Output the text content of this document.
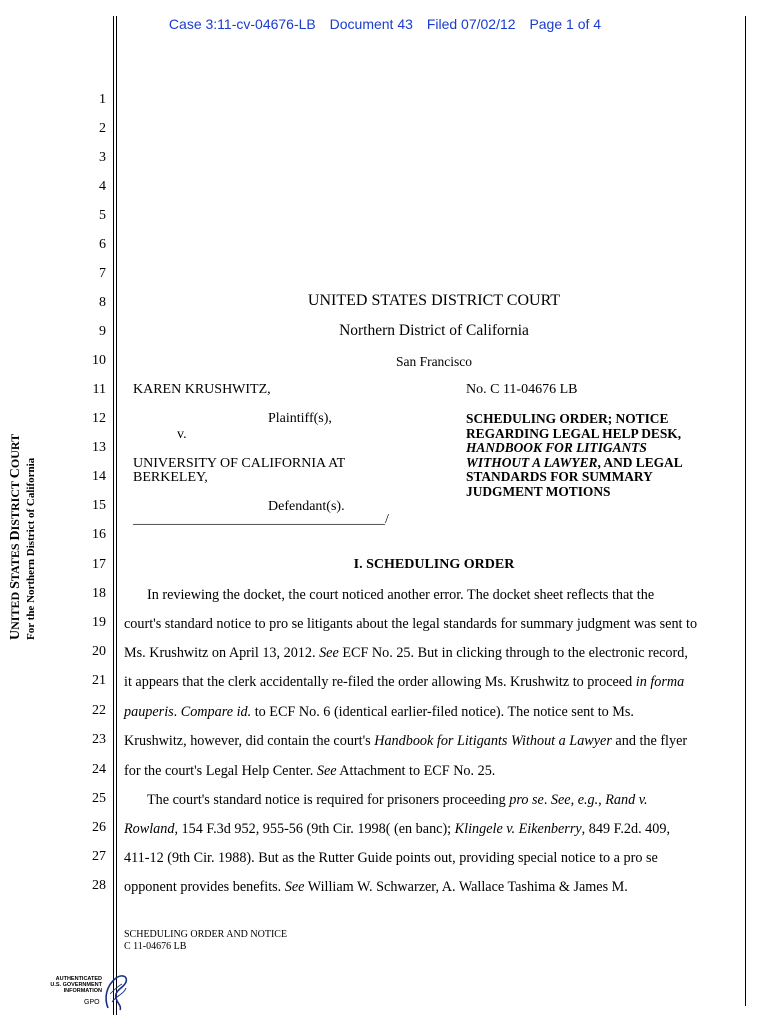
Case 3:11-cv-04676-LB Document 43 Filed 07/02/12 Page 1 of 4
UNITED STATES DISTRICT COURT
For the Northern District of California
1
2
3
4
5
6
7
8
9
10
11
12
13
14
15
16
17
18
19
20
21
22
23
24
25
26
27
28
UNITED STATES DISTRICT COURT
Northern District of California
San Francisco
KAREN KRUSHWITZ,
Plaintiff(s),
v.
UNIVERSITY OF CALIFORNIA AT
BERKELEY,
Defendant(s).
____________________________________/
No. C 11-04676 LB
SCHEDULING ORDER; NOTICE
REGARDING LEGAL HELP DESK,
HANDBOOK FOR LITIGANTS
WITHOUT A LAWYER, AND LEGAL
STANDARDS FOR SUMMARY
JUDGMENT MOTIONS
I. SCHEDULING ORDER
In reviewing the docket, the court noticed another error. The docket sheet reflects that the
court's standard notice to pro se litigants about the legal standards for summary judgment was sent to
Ms. Krushwitz on April 13, 2012. See ECF No. 25. But in clicking through to the electronic record,
it appears that the clerk accidentally re-filed the order allowing Ms. Krushwitz to proceed in forma
pauperis. Compare id. to ECF No. 6 (identical earlier-filed notice). The notice sent to Ms.
Krushwitz, however, did contain the court's Handbook for Litigants Without a Lawyer and the flyer
for the court's Legal Help Center. See Attachment to ECF No. 25.
The court's standard notice is required for prisoners proceeding pro se. See, e.g., Rand v.
Rowland, 154 F.3d 952, 955-56 (9th Cir. 1998( (en banc); Klingele v. Eikenberry, 849 F.2d. 409,
411-12 (9th Cir. 1988). But as the Rutter Guide points out, providing special notice to a pro se
opponent provides benefits. See William W. Schwarzer, A. Wallace Tashima & James M.
SCHEDULING ORDER AND NOTICE
C 11-04676 LB
AUTHENTICATED
U.S. GOVERNMENT
INFORMATION
GPO
